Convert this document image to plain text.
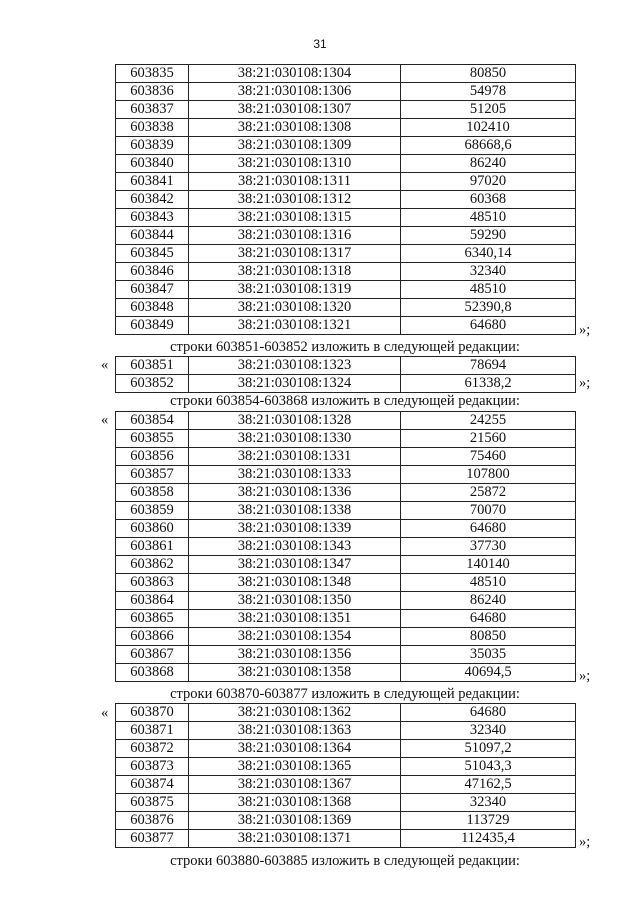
31
603835	38:21:030108:1304	80850
603836	38:21:030108:1306	54978
603837	38:21:030108:1307	51205
603838	38:21:030108:1308	102410
603839	38:21:030108:1309	68668,6
603840	38:21:030108:1310	86240
603841	38:21:030108:1311	97020
603842	38:21:030108:1312	60368
603843	38:21:030108:1315	48510
603844	38:21:030108:1316	59290
603845	38:21:030108:1317	6340,14
603846	38:21:030108:1318	32340
603847	38:21:030108:1319	48510
603848	38:21:030108:1320	52390,8
603849	38:21:030108:1321	64680	»;
строки 603851-603852 изложить в следующей редакции:
« 603851	38:21:030108:1323	78694
603852	38:21:030108:1324	61338,2	»;
строки 603854-603868 изложить в следующей редакции:
« 603854	38:21:030108:1328	24255
603855	38:21:030108:1330	21560
603856	38:21:030108:1331	75460
603857	38:21:030108:1333	107800
603858	38:21:030108:1336	25872
603859	38:21:030108:1338	70070
603860	38:21:030108:1339	64680
603861	38:21:030108:1343	37730
603862	38:21:030108:1347	140140
603863	38:21:030108:1348	48510
603864	38:21:030108:1350	86240
603865	38:21:030108:1351	64680
603866	38:21:030108:1354	80850
603867	38:21:030108:1356	35035
603868	38:21:030108:1358	40694,5	»;
строки 603870-603877 изложить в следующей редакции:
« 603870	38:21:030108:1362	64680
603871	38:21:030108:1363	32340
603872	38:21:030108:1364	51097,2
603873	38:21:030108:1365	51043,3
603874	38:21:030108:1367	47162,5
603875	38:21:030108:1368	32340
603876	38:21:030108:1369	113729
603877	38:21:030108:1371	112435,4	»;
строки 603880-603885 изложить в следующей редакции:
